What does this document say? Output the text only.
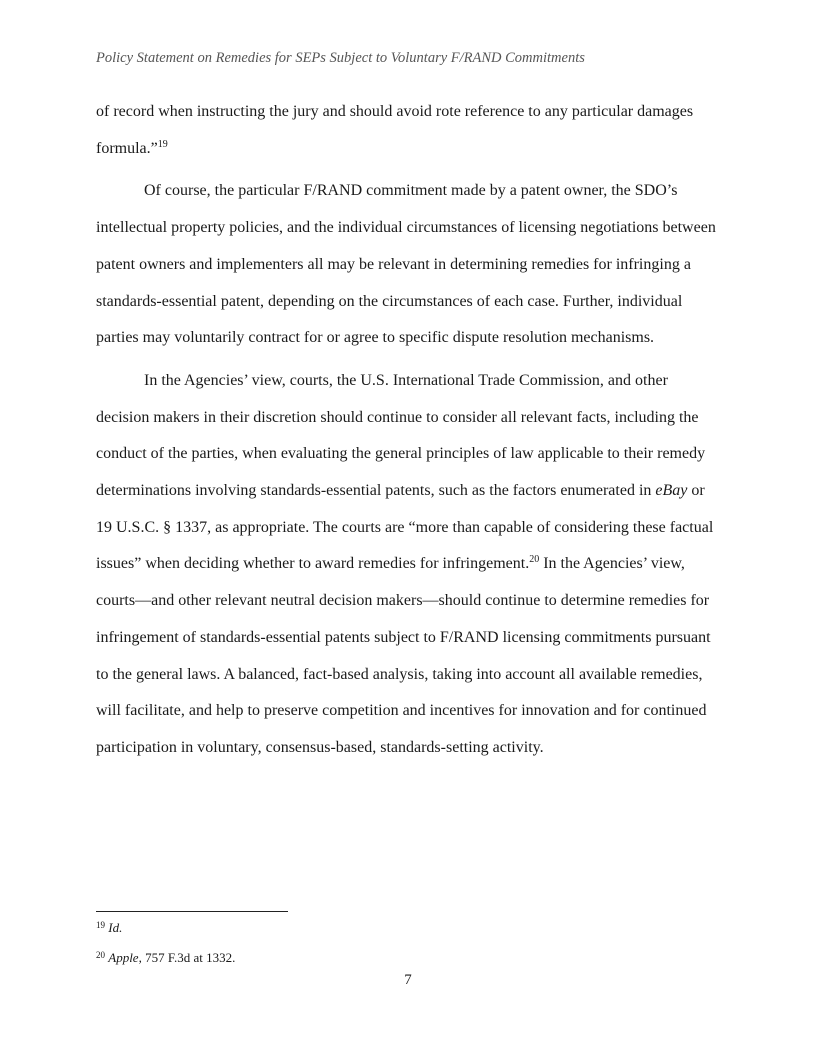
Policy Statement on Remedies for SEPs Subject to Voluntary F/RAND Commitments

of record when instructing the jury and should avoid rote reference to any particular damages formula.”$^{19}$

Of course, the particular F/RAND commitment made by a patent owner, the SDO’s intellectual property policies, and the individual circumstances of licensing negotiations between patent owners and implementers all may be relevant in determining remedies for infringing a standards-essential patent, depending on the circumstances of each case. Further, individual parties may voluntarily contract for or agree to specific dispute resolution mechanisms.

In the Agencies’ view, courts, the U.S. International Trade Commission, and other decision makers in their discretion should continue to consider all relevant facts, including the conduct of the parties, when evaluating the general principles of law applicable to their remedy determinations involving standards-essential patents, such as the factors enumerated in eBay or 19 U.S.C. § 1337, as appropriate. The courts are “more than capable of considering these factual issues” when deciding whether to award remedies for infringement.$^{20}$ In the Agencies’ view, courts—and other relevant neutral decision makers—should continue to determine remedies for infringement of standards-essential patents subject to F/RAND licensing commitments pursuant to the general laws. A balanced, fact-based analysis, taking into account all available remedies, will facilitate, and help to preserve competition and incentives for innovation and for continued participation in voluntary, consensus-based, standards-setting activity.

$^{19}$ Id.
$^{20}$ Apple, 757 F.3d at 1332.
7
